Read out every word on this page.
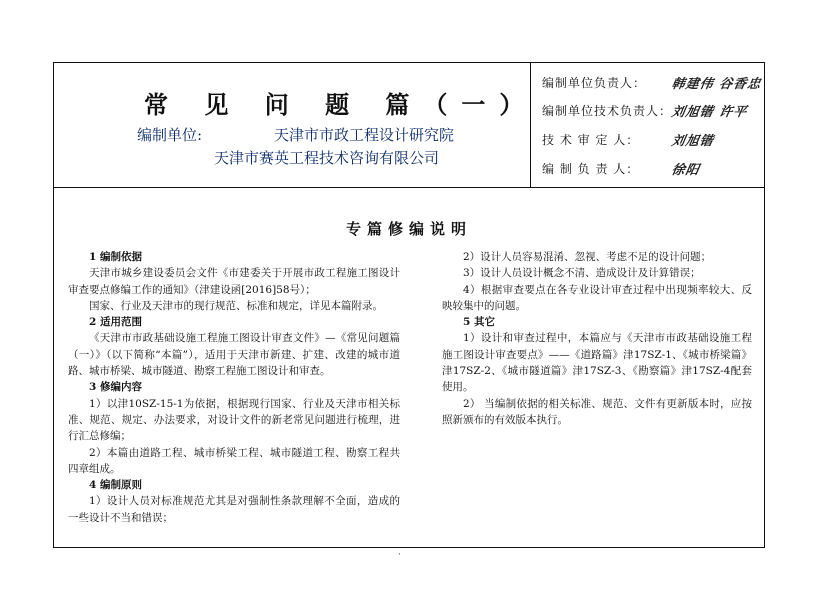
常 见 问 题 篇（一）
编制单位:	天津市市政工程设计研究院
天津市赛英工程技术咨询有限公司
编制单位负责人：	韩建伟 谷香忠
编制单位技术负责人：
刘旭锴 许平
技 术 审 定 人：	刘旭锴
编 制 负 责 人：	徐阳
专篇修编说明

1 编制依据

天津市城乡建设委员会文件《市建委关于开展市政工程施工图设计审查要点修编工作的通知》（津建设函[2016]58号）；

国家、行业及天津市的现行规范、标准和规定，详见本篇附录。

2 适用范围

《天津市市政基础设施工程施工图设计审查文件》—《常见问题篇（一）》（以下简称“本篇”），适用于天津市新建、扩建、改建的城市道路、城市桥梁、城市隧道、勘察工程施工图设计和审查。

3 修编内容

1）以津10SZ-15-1为依据，根据现行国家、行业及天津市相关标准、规范、规定、办法要求，对设计文件的新老常见问题进行梳理，进行汇总修编；

2）本篇由道路工程、城市桥梁工程、城市隧道工程、勘察工程共四章组成。

4 编制原则

1）设计人员对标准规范尤其是对强制性条款理解不全面，造成的一些设计不当和错误；

2）设计人员容易混淆、忽视、考虑不足的设计问题；

3）设计人员设计概念不清、造成设计及计算错误；

4）根据审查要点在各专业设计审查过程中出现频率较大、反映较集中的问题。

5 其它

1）设计和审查过程中，本篇应与《天津市市政基础设施工程施工图设计审查要点》——《道路篇》津17SZ-1、《城市桥梁篇》津17SZ-2、《城市隧道篇》津17SZ-3、《勘察篇》津17SZ-4配套使用。

2） 当编制依据的相关标准、规范、文件有更新版本时，应按照新颁布的有效版本执行。

·
